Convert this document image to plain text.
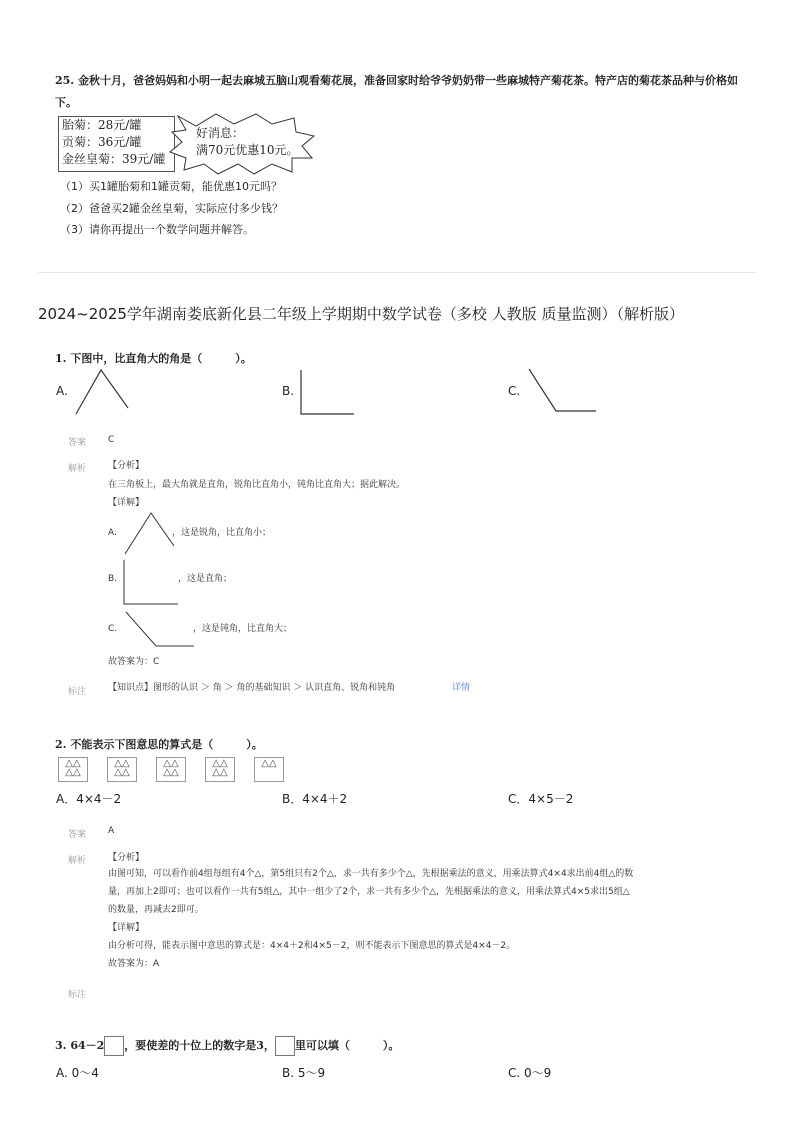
25. 金秋十月，爸爸妈妈和小明一起去麻城五脑山观看菊花展，准备回家时给爷爷奶奶带一些麻城特产菊花茶。特产店的菊花茶品种与价格如下。
胎菊：28元/罐
贡菊：36元/罐
金丝皇菊：39元/罐
好消息：
满70元优惠10元。
（1）买1罐胎菊和1罐贡菊，能优惠10元吗？
（2）爸爸买2罐金丝皇菊，实际应付多少钱？
（3）请你再提出一个数学问题并解答。
2024~2025学年湖南娄底新化县二年级上学期期中数学试卷（多校 人教版 质量监测）（解析版）
1. 下图中，比直角大的角是（　　　）。
A.	B.	C.
答案 C
解析 【分析】
在三角板上，最大角就是直角，锐角比直角小，钝角比直角大；据此解决。
【详解】
A.	，这是锐角，比直角小；
B.	，这是直角；
C.	，这是钝角，比直角大；
故答案为：C
标注 【知识点】图形的认识 ＞ 角 ＞ 角的基础知识 ＞ 认识直角、锐角和钝角	详情
2. 不能表示下图意思的算式是（　　　）。
△△
△△
△△
△△
△△
△△
△△
△△
△△
A．4×4－2	B．4×4＋2	C．4×5－2
答案 A
解析 【分析】
由图可知，可以看作前4组每组有4个△，第5组只有2个△，求一共有多少个△，先根据乘法的意义，用乘法算式4×4求出前4组△的数
量，再加上2即可；也可以看作一共有5组△，其中一组少了2个，求一共有多少个△，先根据乘法的意义，用乘法算式4×5求出5组△
的数量，再减去2即可。
【详解】
由分析可得，能表示图中意思的算式是：4×4＋2和4×5－2，则不能表示下图意思的算式是4×4－2。
故答案为：A
标注
3. 64－2 ，要使差的十位上的数字是3， 里可以填（　　　）。
A. 0～4	B. 5～9	C. 0～9
